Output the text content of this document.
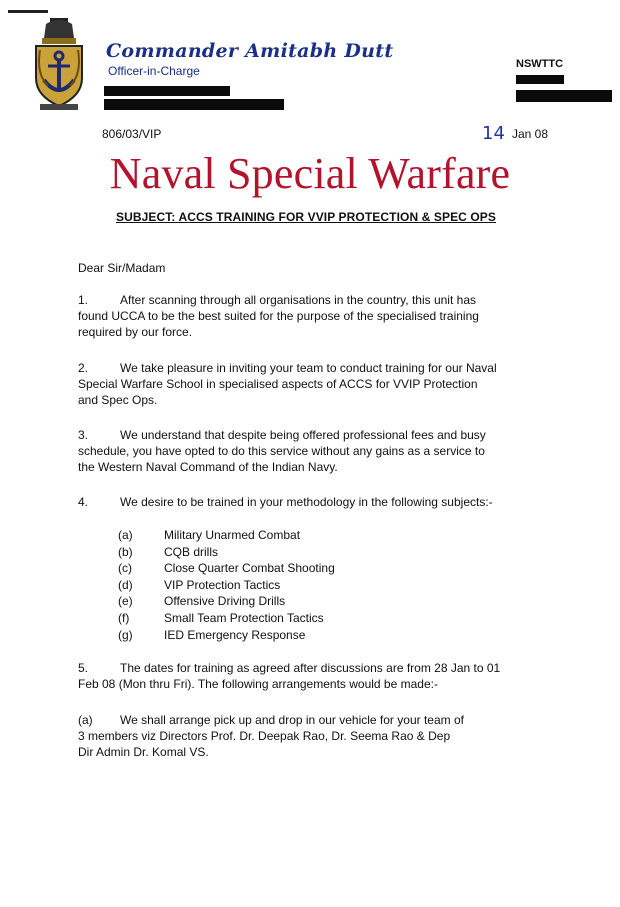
Commander Amitabh Dutt
Officer-in-Charge	NSWTTC
806/03/VIP	14 Jan 08
Naval Special Warfare
SUBJECT: ACCS TRAINING FOR VVIP PROTECTION & SPEC OPS
Dear Sir/Madam
1.	After scanning through all organisations in the country, this unit has
found UCCA to be the best suited for the purpose of the specialised training
required by our force.
2.	We take pleasure in inviting your team to conduct training for our Naval
Special Warfare School in specialised aspects of ACCS for VVIP Protection
and Spec Ops.
3.	We understand that despite being offered professional fees and busy
schedule, you have opted to do this service without any gains as a service to
the Western Naval Command of the Indian Navy.
4.	We desire to be trained in your methodology in the following subjects:-
(a)	Military Unarmed Combat
(b)	CQB drills
(c)	Close Quarter Combat Shooting
(d)	VIP Protection Tactics
(e)	Offensive Driving Drills
(f)	Small Team Protection Tactics
(g)	IED Emergency Response
5.	The dates for training as agreed after discussions are from 28 Jan to 01
Feb 08 (Mon thru Fri). The following arrangements would be made:-
(a) We shall arrange pick up and drop in our vehicle for your team of
3 members viz Directors Prof. Dr. Deepak Rao, Dr. Seema Rao & Dep
Dir Admin Dr. Komal VS.
